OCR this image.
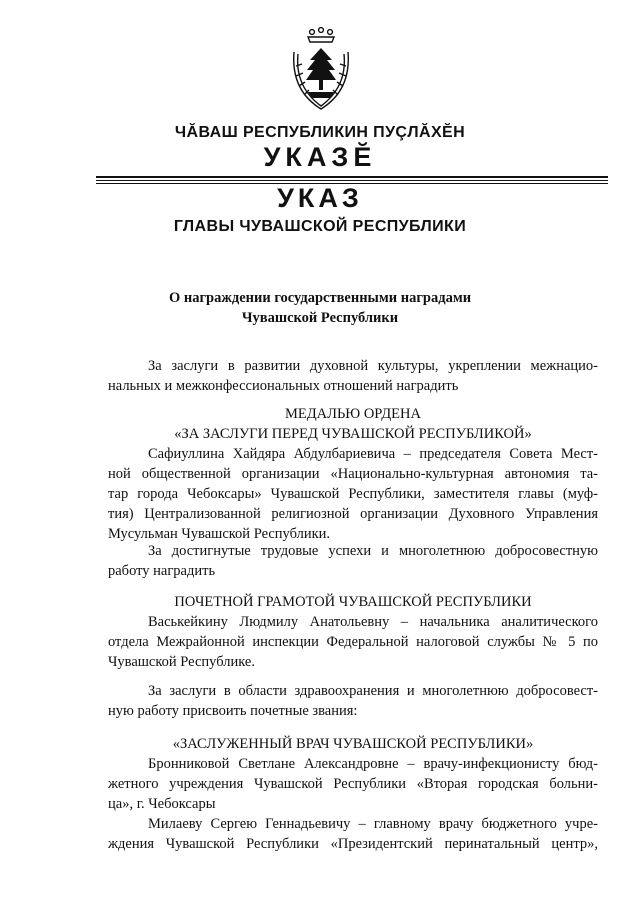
ЧĂВАШ РЕСПУБЛИКИН ПУÇЛĂХĔН
УКАЗĔ
УКАЗ
ГЛАВЫ ЧУВАШСКОЙ РЕСПУБЛИКИ
О награждении государственными наградами
Чувашской Республики
За заслуги в развитии духовной культуры, укреплении межнацио-
нальных и межконфессиональных отношений наградить
МЕДАЛЬЮ ОРДЕНА
«ЗА ЗАСЛУГИ ПЕРЕД ЧУВАШСКОЙ РЕСПУБЛИКОЙ»
Сафиуллина Хайдяра Абдулбариевича – председателя Совета Мест-
ной общественной организации «Национально-культурная автономия та-
тар города Чебоксары» Чувашской Республики, заместителя главы (муф-
тия) Централизованной религиозной организации Духовного Управления
Мусульман Чувашской Республики.
За достигнутые трудовые успехи и многолетнюю добросовестную
работу наградить
ПОЧЕТНОЙ ГРАМОТОЙ ЧУВАШСКОЙ РЕСПУБЛИКИ
Васькейкину Людмилу Анатольевну – начальника аналитического
отдела Межрайонной инспекции Федеральной налоговой службы № 5 по
Чувашской Республике.
За заслуги в области здравоохранения и многолетнюю добросовест-
ную работу присвоить почетные звания:
«ЗАСЛУЖЕННЫЙ ВРАЧ ЧУВАШСКОЙ РЕСПУБЛИКИ»
Бронниковой Светлане Александровне – врачу-инфекционисту бюд-
жетного учреждения Чувашской Республики «Вторая городская больни-
ца», г. Чебоксары
Милаеву Сергею Геннадьевичу – главному врачу бюджетного учре-
ждения Чувашской Республики «Президентский перинатальный центр»,
